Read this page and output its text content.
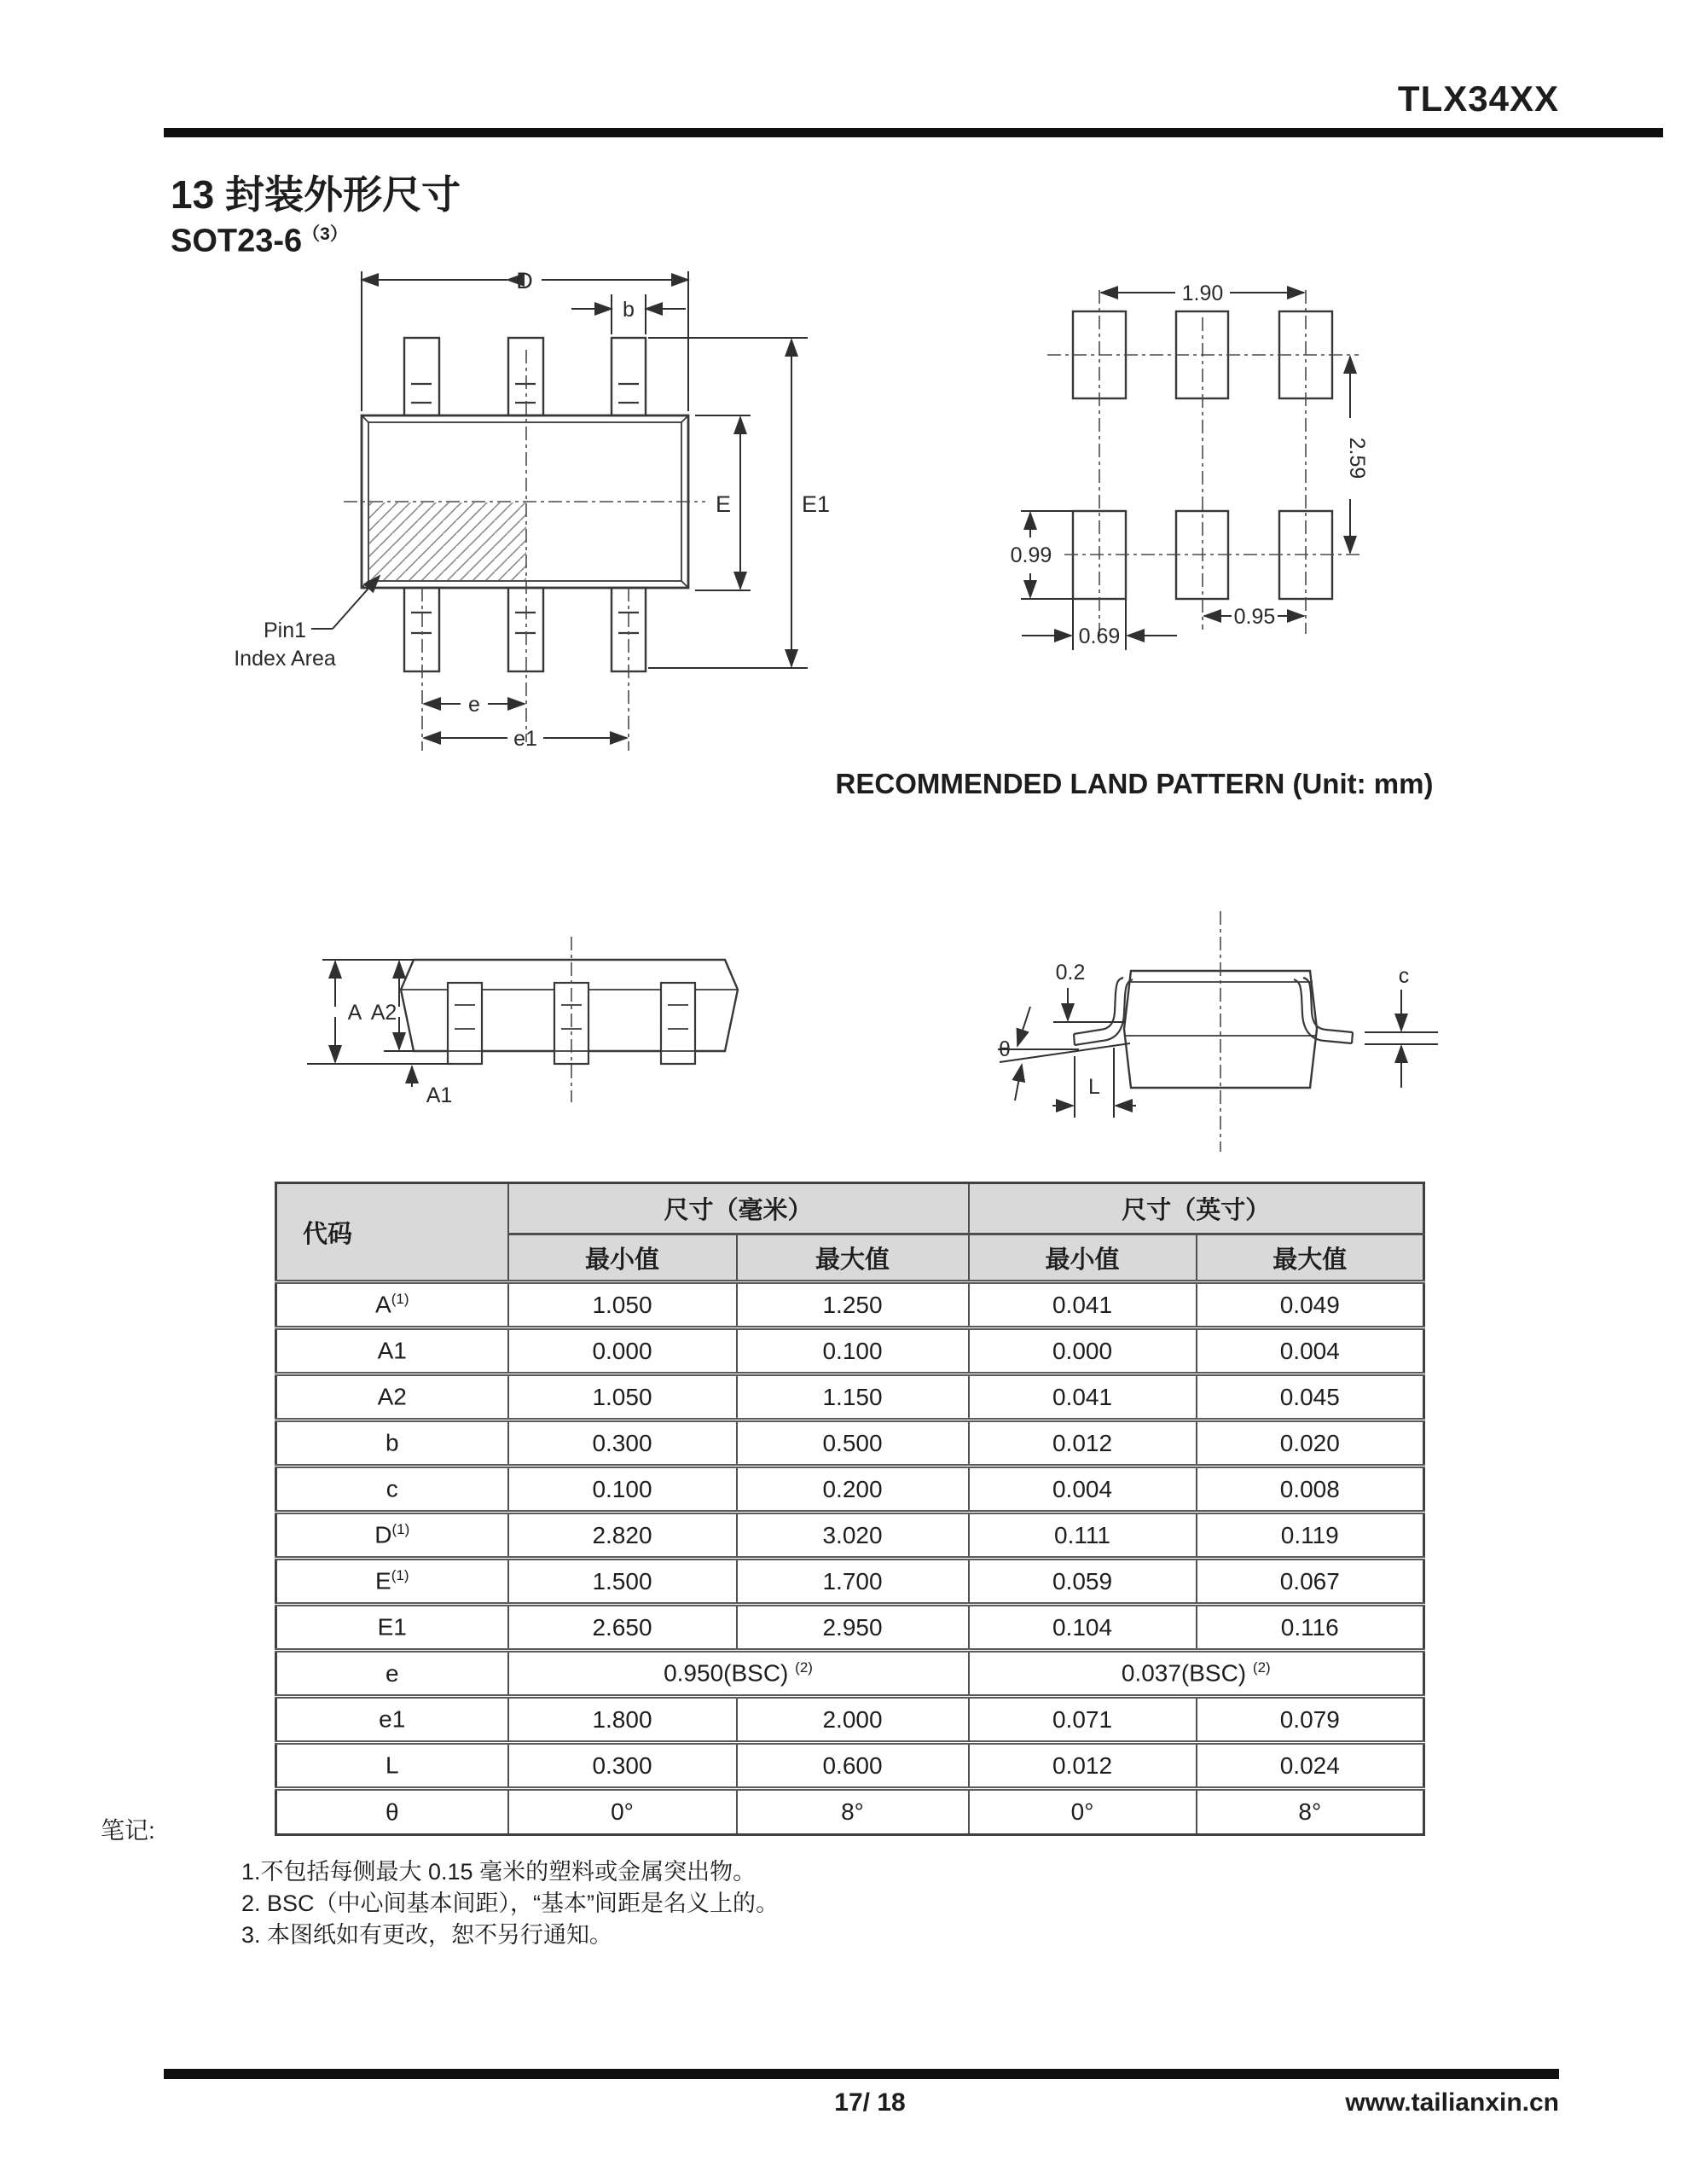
TLX34XX
13 封装外形尺寸
$SOT23-6^{(3)}$
D
b
E	E1
e
e1
Pin1
Index Area
1.90
2.59
0.99
0.69
0.95
RECOMMENDED LAND PATTERN (Unit: mm)
A A2
A1
0.2
θ
L
c
代码	尺寸（毫米）		尺寸（英寸）	
	最小值	最大值	最小值	最大值
$A^{(1)}$	1.050	1.250	0.041	0.049
A1	0.000	0.100	0.000	0.004
A2	1.050	1.150	0.041	0.045
b	0.300	0.500	0.012	0.020
c	0.100	0.200	0.004	0.008
$D^{(1)}$	2.820	3.020	0.111	0.119
$E^{(1)}$	1.500	1.700	0.059	0.067
E1	2.650	2.950	0.104	0.116
e	0.950(BSC) $^{(2)}$		0.037(BSC) $^{(2)}$
e1	1.800	2.000	0.071	0.079
L	0.300	0.600	0.012	0.024
θ	0°	8°	0°	8°
笔记:
1.不包括每侧最大 0.15 毫米的塑料或金属突出物。
2. BSC（中心间基本间距），“基本”间距是名义上的。
3. 本图纸如有更改，恕不另行通知。
17/ 18	www.tailianxin.cn
